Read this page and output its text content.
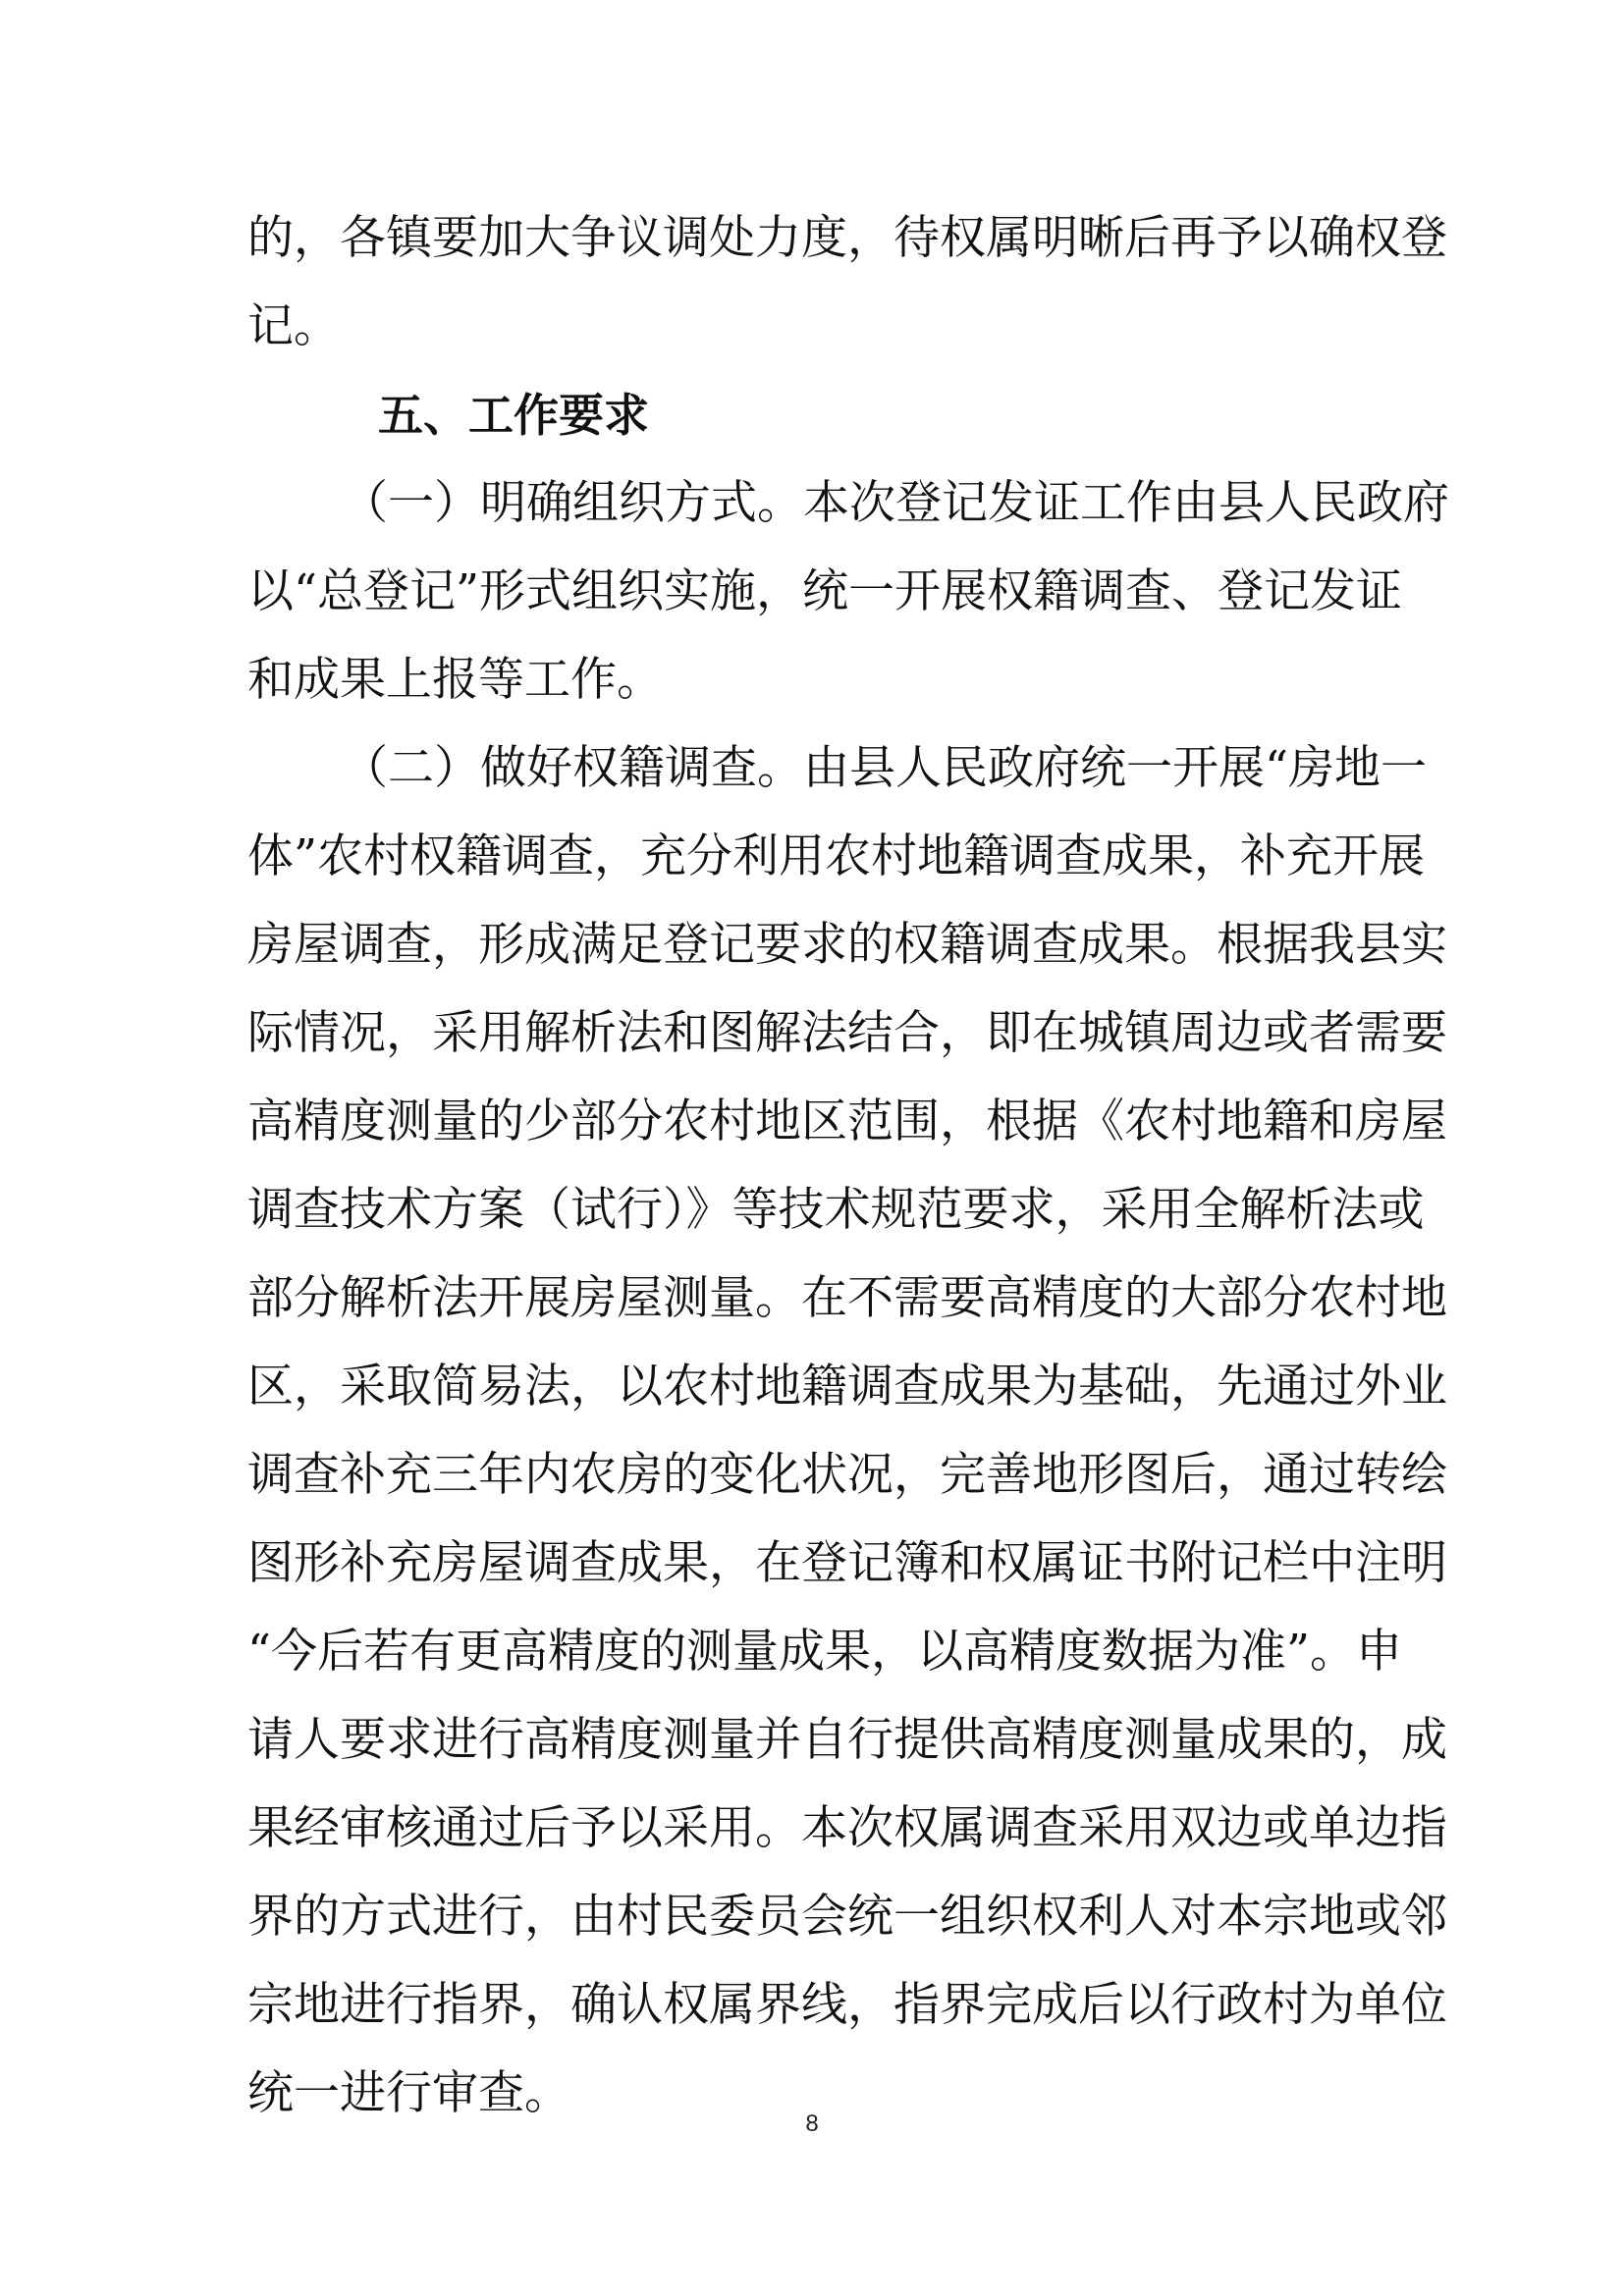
的，各镇要加大争议调处力度，待权属明晰后再予以确权登
记。
五、工作要求
（一）明确组织方式。本次登记发证工作由县人民政府
以“总登记”形式组织实施，统一开展权籍调查、登记发证
和成果上报等工作。
（二）做好权籍调查。由县人民政府统一开展“房地一
体”农村权籍调查，充分利用农村地籍调查成果，补充开展
房屋调查，形成满足登记要求的权籍调查成果。根据我县实
际情况，采用解析法和图解法结合，即在城镇周边或者需要
高精度测量的少部分农村地区范围，根据《农村地籍和房屋
调查技术方案（试行）》等技术规范要求，采用全解析法或
部分解析法开展房屋测量。在不需要高精度的大部分农村地
区，采取简易法，以农村地籍调查成果为基础，先通过外业
调查补充三年内农房的变化状况，完善地形图后，通过转绘
图形补充房屋调查成果，在登记簿和权属证书附记栏中注明
“今后若有更高精度的测量成果，以高精度数据为准”。申
请人要求进行高精度测量并自行提供高精度测量成果的，成
果经审核通过后予以采用。本次权属调查采用双边或单边指
界的方式进行，由村民委员会统一组织权利人对本宗地或邻
宗地进行指界，确认权属界线，指界完成后以行政村为单位
统一进行审查。
8
